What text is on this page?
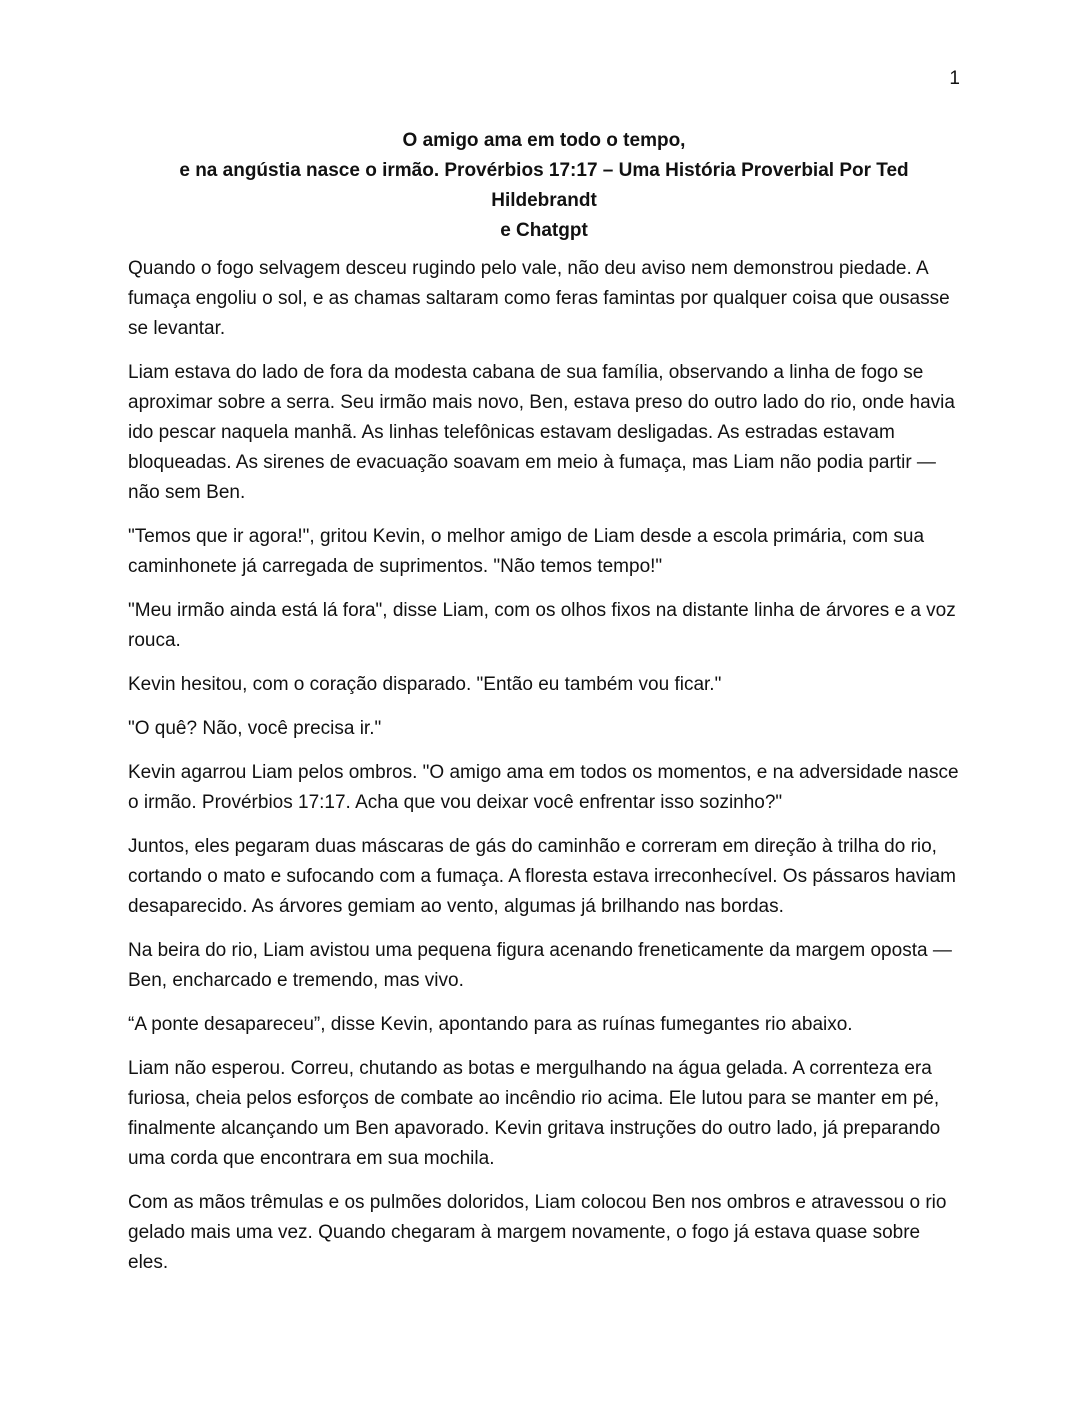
1
O amigo ama em todo o tempo,
e na angústia nasce o irmão. Provérbios 17:17 – Uma História Proverbial Por Ted Hildebrandt
e Chatgpt

Quando o fogo selvagem desceu rugindo pelo vale, não deu aviso nem demonstrou piedade. A fumaça engoliu o sol, e as chamas saltaram como feras famintas por qualquer coisa que ousasse se levantar.

Liam estava do lado de fora da modesta cabana de sua família, observando a linha de fogo se aproximar sobre a serra. Seu irmão mais novo, Ben, estava preso do outro lado do rio, onde havia ido pescar naquela manhã. As linhas telefônicas estavam desligadas. As estradas estavam bloqueadas. As sirenes de evacuação soavam em meio à fumaça, mas Liam não podia partir — não sem Ben.

"Temos que ir agora!", gritou Kevin, o melhor amigo de Liam desde a escola primária, com sua caminhonete já carregada de suprimentos. "Não temos tempo!"

"Meu irmão ainda está lá fora", disse Liam, com os olhos fixos na distante linha de árvores e a voz rouca.

Kevin hesitou, com o coração disparado. "Então eu também vou ficar."

"O quê? Não, você precisa ir."

Kevin agarrou Liam pelos ombros. "O amigo ama em todos os momentos, e na adversidade nasce o irmão. Provérbios 17:17. Acha que vou deixar você enfrentar isso sozinho?"

Juntos, eles pegaram duas máscaras de gás do caminhão e correram em direção à trilha do rio, cortando o mato e sufocando com a fumaça. A floresta estava irreconhecível. Os pássaros haviam desaparecido. As árvores gemiam ao vento, algumas já brilhando nas bordas.

Na beira do rio, Liam avistou uma pequena figura acenando freneticamente da margem oposta — Ben, encharcado e tremendo, mas vivo.

“A ponte desapareceu”, disse Kevin, apontando para as ruínas fumegantes rio abaixo.

Liam não esperou. Correu, chutando as botas e mergulhando na água gelada. A correnteza era furiosa, cheia pelos esforços de combate ao incêndio rio acima. Ele lutou para se manter em pé, finalmente alcançando um Ben apavorado. Kevin gritava instruções do outro lado, já preparando uma corda que encontrara em sua mochila.

Com as mãos trêmulas e os pulmões doloridos, Liam colocou Ben nos ombros e atravessou o rio gelado mais uma vez. Quando chegaram à margem novamente, o fogo já estava quase sobre eles.
